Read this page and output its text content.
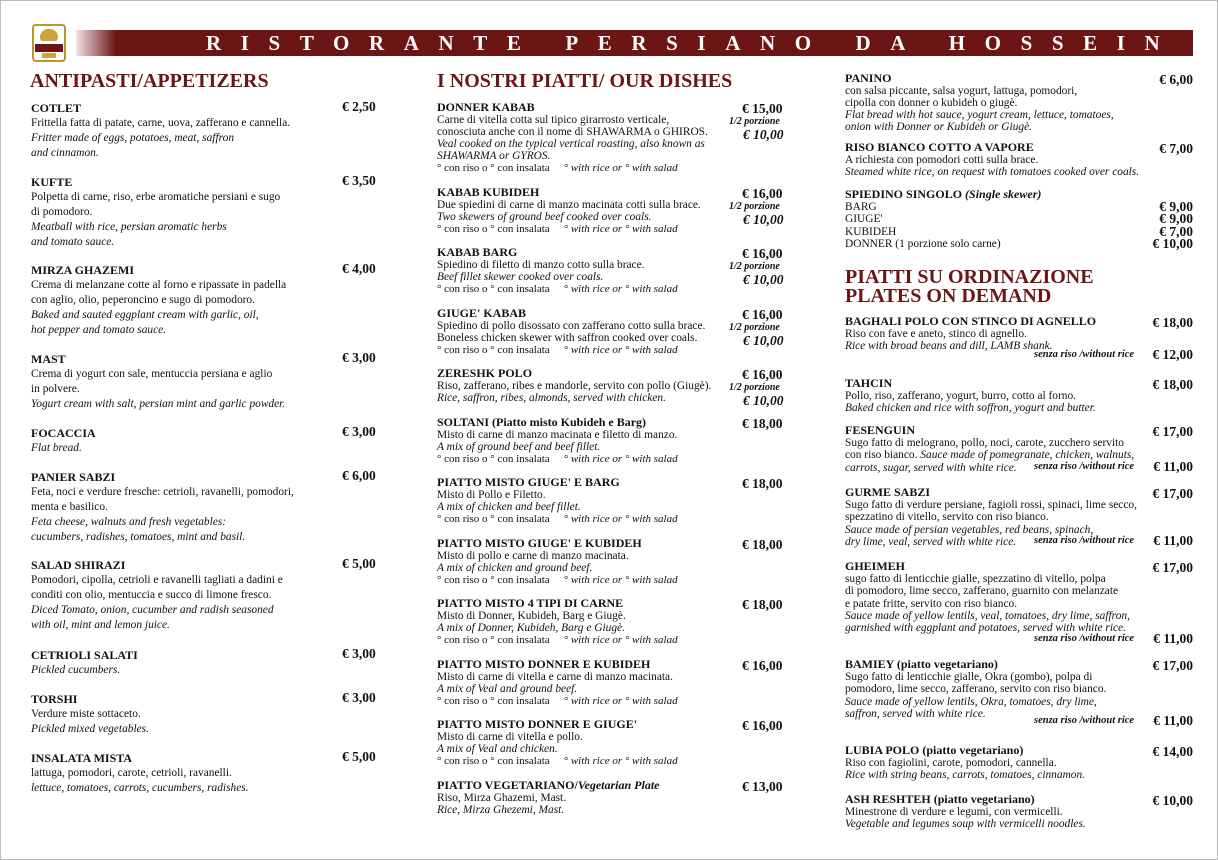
RISTORANTE PERSIANO DA HOSSEIN
ANTIPASTI/APPETIZERS
COTLET
Frittella fatta di patate, carne, uova, zafferano e cannella.
Fritter made of eggs, potatoes, meat, saffron
and cinnamon.
€ 2,50
KUFTE
Polpetta di carne, riso, erbe aromatiche persiani e sugo
di pomodoro.
Meatball with rice, persian aromatic herbs
and tomato sauce.
€ 3,50
MIRZA GHAZEMI
Crema di melanzane cotte al forno e ripassate in padella
con aglio, olio, peperoncino e sugo di pomodoro.
Baked and sauted eggplant cream with garlic, oil,
hot pepper and tomato sauce.
€ 4,00
MAST
Crema di yogurt con sale, mentuccia persiana e aglio
in polvere.
Yogurt cream with salt, persian mint and garlic powder.
€ 3,00
FOCACCIA
Flat bread.
€ 3,00
PANIER SABZI
Feta, noci e verdure fresche: cetrioli, ravanelli, pomodori,
menta e basilico.
Feta cheese, walnuts and fresh vegetables:
cucumbers, radishes, tomatoes, mint and basil.
€ 6,00
SALAD SHIRAZI
Pomodori, cipolla, cetrioli e ravanelli tagliati a dadini e
conditi con olio, mentuccia e succo di limone fresco.
Diced Tomato, onion, cucumber and radish seasoned
with oil, mint and lemon juice.
€ 5,00
CETRIOLI SALATI
Pickled cucumbers.
€ 3,00
TORSHI
Verdure miste sottaceto.
Pickled mixed vegetables.
€ 3,00
INSALATA MISTA
lattuga, pomodori, carote, cetrioli, ravanelli.
lettuce, tomatoes, carrots, cucumbers, radishes.
€ 5,00
I NOSTRI PIATTI/ OUR DISHES
DONNER KABAB
Carne di vitella cotta sul tipico girarrosto verticale,
conosciuta anche con il nome di SHAWARMA o GHIROS.
Veal cooked on the typical vertical roasting, also known as
SHAWARMA or GYROS.
° con riso o ° con insalata ° with rice or ° with salad
€ 15,00
1/2 porzione
€ 10,00
KABAB KUBIDEH
Due spiedini di carne di manzo macinata cotti sulla brace.
Two skewers of ground beef cooked over coals.
° con riso o ° con insalata ° with rice or ° with salad
€ 16,00
1/2 porzione
€ 10,00
KABAB BARG
Spiedino di filetto di manzo cotto sulla brace.
Beef fillet skewer cooked over coals.
° con riso o ° con insalata ° with rice or ° with salad
€ 16,00
1/2 porzione
€ 10,00
GIUGE' KABAB
Spiedino di pollo disossato con zafferano cotto sulla brace.
Boneless chicken skewer with saffron cooked over coals.
° con riso o ° con insalata ° with rice or ° with salad
€ 16,00
1/2 porzione
€ 10,00
ZERESHK POLO
Riso, zafferano, ribes e mandorle, servito con pollo (Giugè).
Rice, saffron, ribes, almonds, served with chicken.
€ 16,00
1/2 porzione
€ 10,00
SOLTANI (Piatto misto Kubideh e Barg)
Misto di carne di manzo macinata e filetto di manzo.
A mix of ground beef and beef fillet.
° con riso o ° con insalata ° with rice or ° with salad
€ 18,00
PIATTO MISTO GIUGE' E BARG
Misto di Pollo e Filetto.
A mix of chicken and beef fillet.
° con riso o ° con insalata ° with rice or ° with salad
€ 18,00
PIATTO MISTO GIUGE' E KUBIDEH
Misto di pollo e carne di manzo macinata.
A mix of chicken and ground beef.
° con riso o ° con insalata ° with rice or ° with salad
€ 18,00
PIATTO MISTO 4 TIPI DI CARNE
Misto di Donner, Kubideh, Barg e Giugè.
A mix of Donner, Kubideh, Barg e Giugè.
° con riso o ° con insalata ° with rice or ° with salad
€ 18,00
PIATTO MISTO DONNER E KUBIDEH
Misto di carne di vitella e carne di manzo macinata.
A mix of Veal and ground beef.
° con riso o ° con insalata ° with rice or ° with salad
€ 16,00
PIATTO MISTO DONNER E GIUGE'
Misto di carne di vitella e pollo.
A mix of Veal and chicken.
° con riso o ° con insalata ° with rice or ° with salad
€ 16,00
PIATTO VEGETARIANO/Vegetarian Plate
Riso, Mirza Ghazemi, Mast.
Rice, Mirza Ghezemi, Mast.
€ 13,00
PANINO
con salsa piccante, salsa yogurt, lattuga, pomodori,
cipolla con donner o kubideh o giugè.
Flat bread with hot sauce, yogurt cream, lettuce, tomatoes,
onion with Donner or Kubideh or Giugè.
€ 6,00
RISO BIANCO COTTO A VAPORE
A richiesta con pomodori cotti sulla brace.
Steamed white rice, on request with tomatoes cooked over coals.
€ 7,00
SPIEDINO SINGOLO (Single skewer)
BARG	€ 9,00
GIUGE'	€ 9,00
KUBIDEH	€ 7,00
DONNER (1 porzione solo carne)	€ 10,00
PIATTI SU ORDINAZIONE
PLATES ON DEMAND
BAGHALI POLO CON STINCO DI AGNELLO
Riso con fave e aneto, stinco di agnello.
Rice with broad beans and dill, LAMB shank.
€ 18,00
senza riso /without rice € 12,00
TAHCIN
Pollo, riso, zafferano, yogurt, burro, cotto al forno.
Baked chicken and rice with soffron, yogurt and butter.
€ 18,00
FESENGUIN
Sugo fatto di melograno, pollo, noci, carote, zucchero servito
con riso bianco. Sauce made of pomegranate, chicken, walnuts,
carrots, sugar, served with white rice.
€ 17,00
senza riso /without rice € 11,00
GURME SABZI
Sugo fatto di verdure persiane, fagioli rossi, spinaci, lime secco,
spezzatino di vitello, servito con riso bianco.
Sauce made of persian vegetables, red beans, spinach,
dry lime, veal, served with white rice.
€ 17,00
senza riso /without rice € 11,00
GHEIMEH
sugo fatto di lenticchie gialle, spezzatino di vitello, polpa
di pomodoro, lime secco, zafferano, guarnito con melanzate
e patate fritte, servito con riso bianco.
Sauce made of yellow lentils, veal, tomatoes, dry lime, saffron,
garnished with eggplant and potatoes, served with white rice.
€ 17,00
senza riso /without rice € 11,00
BAMIEY (piatto vegetariano)
Sugo fatto di lenticchie gialle, Okra (gombo), polpa di
pomodoro, lime secco, zafferano, servito con riso bianco.
Sauce made of yellow lentils, Okra, tomatoes, dry lime,
saffron, served with white rice.
€ 17,00
senza riso /without rice € 11,00
LUBIA POLO (piatto vegetariano)
Riso con fagiolini, carote, pomodori, cannella.
Rice with string beans, carrots, tomatoes, cinnamon.
€ 14,00
ASH RESHTEH (piatto vegetariano)
Minestrone di verdure e legumi, con vermicelli.
Vegetable and legumes soup with vermicelli noodles.
€ 10,00
